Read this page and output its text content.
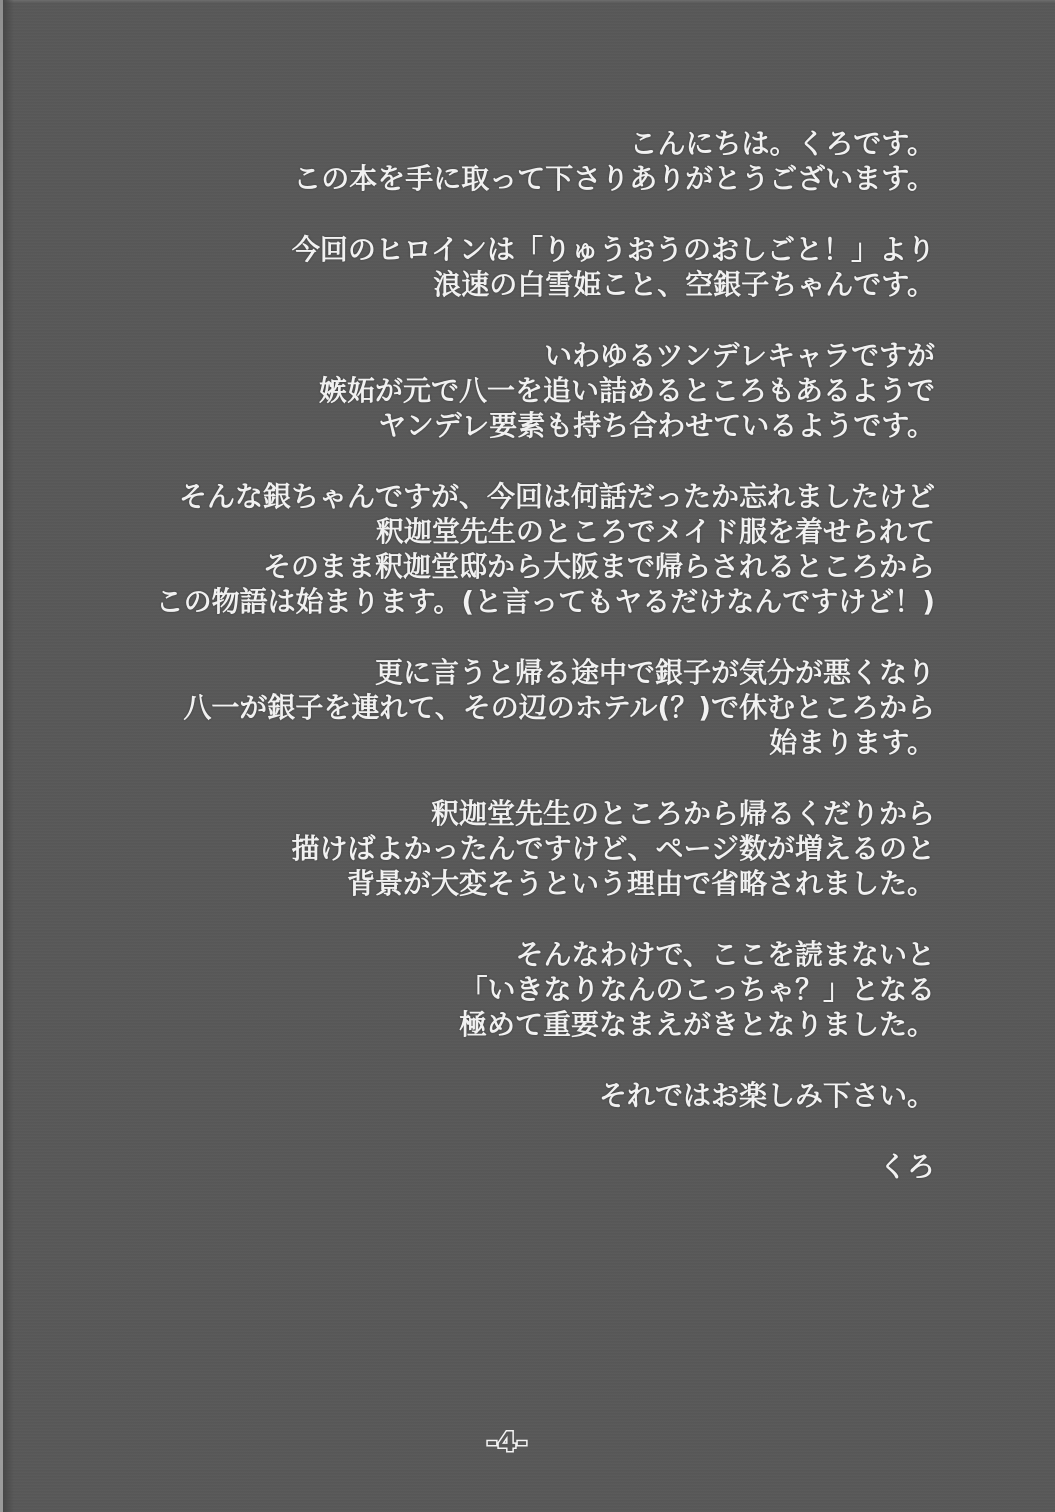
こんにちは。くろです。
この本を手に取って下さりありがとうございます。
今回のヒロインは「りゅうおうのおしごと！」より
浪速の白雪姫こと、空銀子ちゃんです。
いわゆるツンデレキャラですが
嫉妬が元で八一を追い詰めるところもあるようで
ヤンデレ要素も持ち合わせているようです。
そんな銀ちゃんですが、今回は何話だったか忘れましたけど
釈迦堂先生のところでメイド服を着せられて
そのまま釈迦堂邸から大阪まで帰らされるところから
この物語は始まります。(と言ってもヤるだけなんですけど！)
更に言うと帰る途中で銀子が気分が悪くなり
八一が銀子を連れて、その辺のホテル(？)で休むところから
始まります。
釈迦堂先生のところから帰るくだりから
描けばよかったんですけど、ページ数が増えるのと
背景が大変そうという理由で省略されました。
そんなわけで、ここを読まないと
「いきなりなんのこっちゃ？」となる
極めて重要なまえがきとなりました。
それではお楽しみ下さい。
くろ
-4-
